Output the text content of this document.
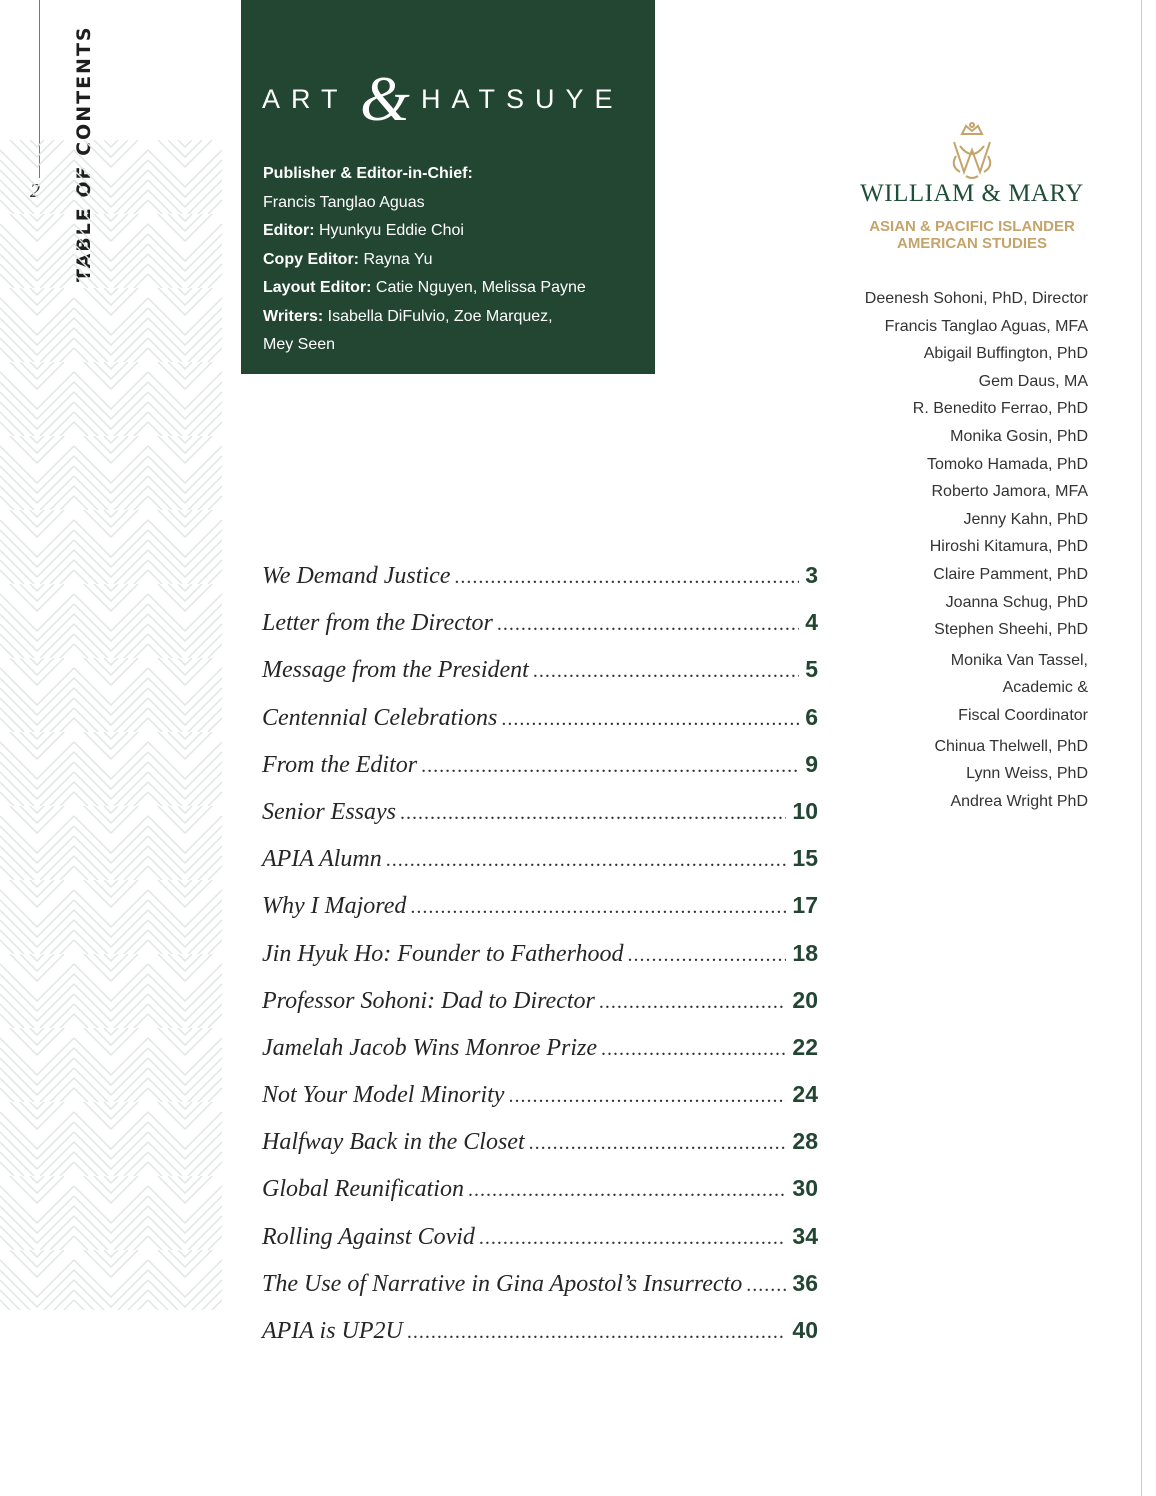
ART & HATSUYE
Publisher & Editor-in-Chief:
Francis Tanglao Aguas
Editor: Hyunkyu Eddie Choi
Copy Editor: Rayna Yu
Layout Editor: Catie Nguyen, Melissa Payne
Writers: Isabella DiFulvio, Zoe Marquez,
Mey Seen
WILLIAM & MARY
ASIAN & PACIFIC ISLANDER
AMERICAN STUDIES
Deenesh Sohoni, PhD, Director
Francis Tanglao Aguas, MFA
Abigail Buffington, PhD
Gem Daus, MA
R. Benedito Ferrao, PhD
Monika Gosin, PhD
Tomoko Hamada, PhD
Roberto Jamora, MFA
Jenny Kahn, PhD
Hiroshi Kitamura, PhD
Claire Pamment, PhD
Joanna Schug, PhD
Stephen Sheehi, PhD
Monika Van Tassel,
Academic &
Fiscal Coordinator
Chinua Thelwell, PhD
Lynn Weiss, PhD
Andrea Wright PhD
We Demand Justice .....	3
Letter from the Director .....	4
Message from the President .....	5
Centennial Celebrations .....	6
From the Editor .....	9
Senior Essays .....	10
APIA Alumn .....	15
Why I Majored .....	17
Jin Hyuk Ho: Founder to Fatherhood .....	18
Professor Sohoni: Dad to Director .....	20
Jamelah Jacob Wins Monroe Prize .....	22
Not Your Model Minority .....	24
Halfway Back in the Closet .....	28
Global Reunification .....	30
Rolling Against Covid .....	34
The Use of Narrative in Gina Apostol’s Insurrecto ..... 36
APIA is UP2U .....	40
